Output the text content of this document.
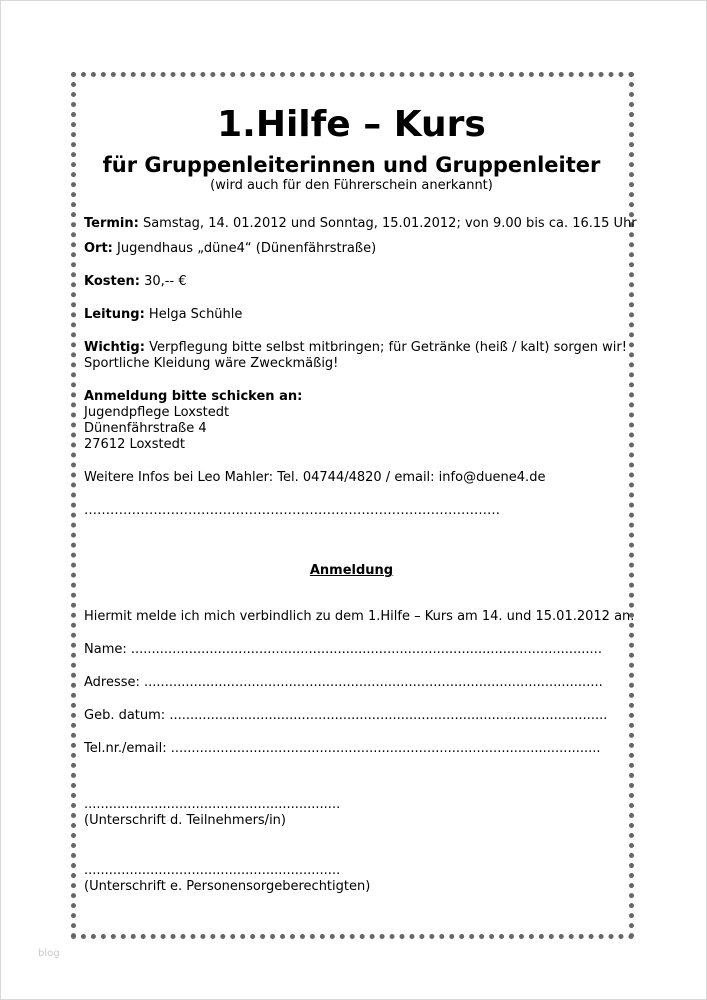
1.Hilfe – Kurs

für Gruppenleiterinnen und Gruppenleiter

(wird auch für den Führerschein anerkannt)

Termin: Samstag, 14. 01.2012 und Sonntag, 15.01.2012; von 9.00 bis ca. 16.15 Uhr

Ort: Jugendhaus „düne4“ (Dünenfährstraße)

Kosten: 30,-- €

Leitung: Helga Schühle

Wichtig: Verpflegung bitte selbst mitbringen; für Getränke (heiß / kalt) sorgen wir!

Sportliche Kleidung wäre Zweckmäßig!

Anmeldung bitte schicken an:

Jugendpflege Loxstedt

Dünenfährstraße 4

27612 Loxstedt

Weitere Infos bei Leo Mahler: Tel. 04744/4820 / email: info@duene4.de

……………………………………………………………………………………

Anmeldung

Hiermit melde ich mich verbindlich zu dem 1.Hilfe – Kurs am 14. und 15.01.2012 an.

Name: ..................................................................................................................

Adresse: ...............................................................................................................

Geb. datum: ..........................................................................................................

Tel.nr./email: ........................................................................................................

..............................................................

(Unterschrift d. Teilnehmers/in)

..............................................................

(Unterschrift e. Personensorgeberechtigten)

blog
